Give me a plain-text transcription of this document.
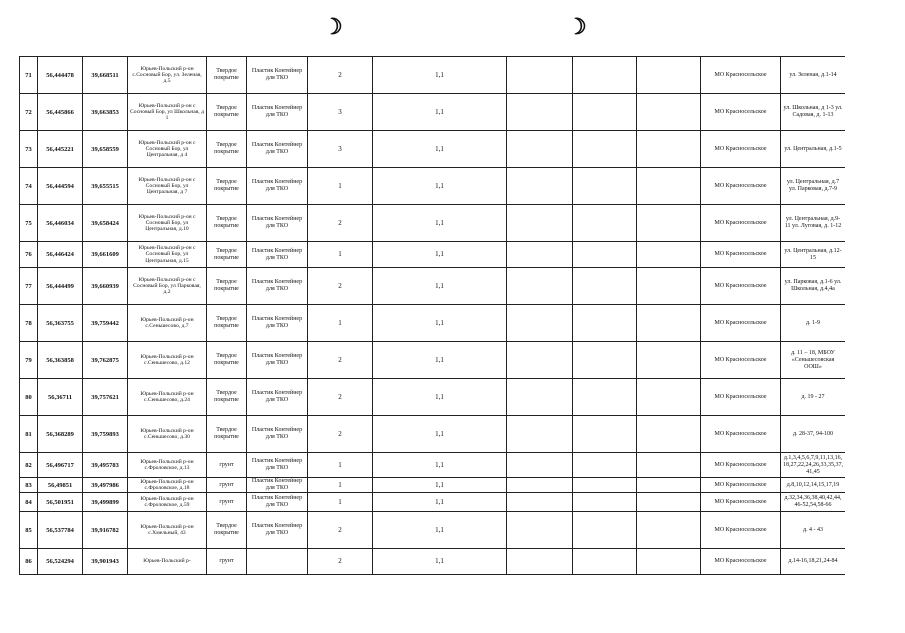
☽	☽
71	56,444478	39,668511	Юрьев-Польский р-он с.Сосновый Бор, ул. Зеленая, д.5	Твердое покрытие	Пластик Контейнер для ТКО	2	1,1				МО Красносельское	ул. Зеленая, д.1-14
72	56,445866	39,663853	Юрьев-Польский р-он с Сосновый Бор, ул Школьная, д 1	Твердое покрытие	Пластик Контейнер для ТКО	3	1,1				МО Красносельское	ул. Школьная, д 1-3 ул. Садовая, д. 1-13
73	56,445221	39,658559	Юрьев-Польский р-он с Сосновый Бор, ул Центральная, д 4	Твердое покрытие	Пластик Контейнер для ТКО	3	1,1				МО Красносельское	ул. Центральная, д.1-5
74	56,444594	39,655515	Юрьев-Польский р-он с Сосновый Бор, ул Центральная, д 7	Твердое покрытие	Пластик Контейнер для ТКО	1	1,1				МО Красносельское	ул. Центральная, д.7 ул. Парковая, д.7-9
75	56,446034	39,658424	Юрьев-Польский р-он с Сосновый Бор, ул Центральная, д.10	Твердое покрытие	Пластик Контейнер для ТКО	2	1,1				МО Красносельское	ул. Центральная, д.9-11 ул. Луговая, д. 1-12
76	56,446424	39,661609	Юрьев-Польский р-он с Сосновый Бор, ул Центральная, д.15	Твердое покрытие	Пластик Контейнер для ТКО	1	1,1				МО Красносельское	ул. Центральная, д.12-15
77	56,444499	39,660939	Юрьев-Польский р-он с Сосновый Бор, ул Парковая, д.2	Твердое покрытие	Пластик Контейнер для ТКО	2	1,1				МО Красносельское	ул. Парковая, д.1-6 ул. Школьная, д.4,4а
78	56,363755	39,759442	Юрьев-Польский р-он с.Сеньшесово, д.7	Твердое покрытие	Пластик Контейнер для ТКО	1	1,1				МО Красносельское	д. 1-9
79	56,363858	39,762875	Юрьев-Польский р-он с.Сеньшесово, д.12	Твердое покрытие	Пластик Контейнер для ТКО	2	1,1				МО Красносельское	д. 11 – 18, МБОУ «Сеньшесовская ООШ»
80	56,36711	39,757621	Юрьев-Польский р-он с.Сеньшесово, д.24	Твердое покрытие	Пластик Контейнер для ТКО	2	1,1				МО Красносельское	д. 19 - 27
81	56,368289	39,759893	Юрьев-Польский р-он с.Сеньшесово, д.30	Твердое покрытие	Пластик Контейнер для ТКО	2	1,1				МО Красносельское	д. 28-37, 94-100
82	56,496717	39,495783	Юрьев-Польский р-он с.Фроловское, д.13	грунт	Пластик Контейнер для ТКО	1	1,1				МО Красносельское	д.1,3,4,5,6,7,9,11,13,16,18,27,22,24,26,33,35,37,41,45
83	56,49851	39,497986	Юрьев-Польский р-он с.Фроловское, д.18	грунт	Пластик Контейнер для ТКО	1	1,1				МО Красносельское	д.8,10,12,14,15,17,19
84	56,501951	39,499899	Юрьев-Польский р-он с.Фроловское, д.59	грунт	Пластик Контейнер для ТКО	1	1,1				МО Красносельское	д.32,34,36,38,40,42,44,46-52,54,58-66
85	56,537784	39,916782	Юрьев-Польский р-он с.Хмельный, 43	Твердое покрытие	Пластик Контейнер для ТКО	2	1,1				МО Красносельское	д. 4 - 43
86	56,524294	39,901943	Юрьев-Польский р-	грунт		2	1,1				МО Красносельское	д.14-16,18,21,24-84
